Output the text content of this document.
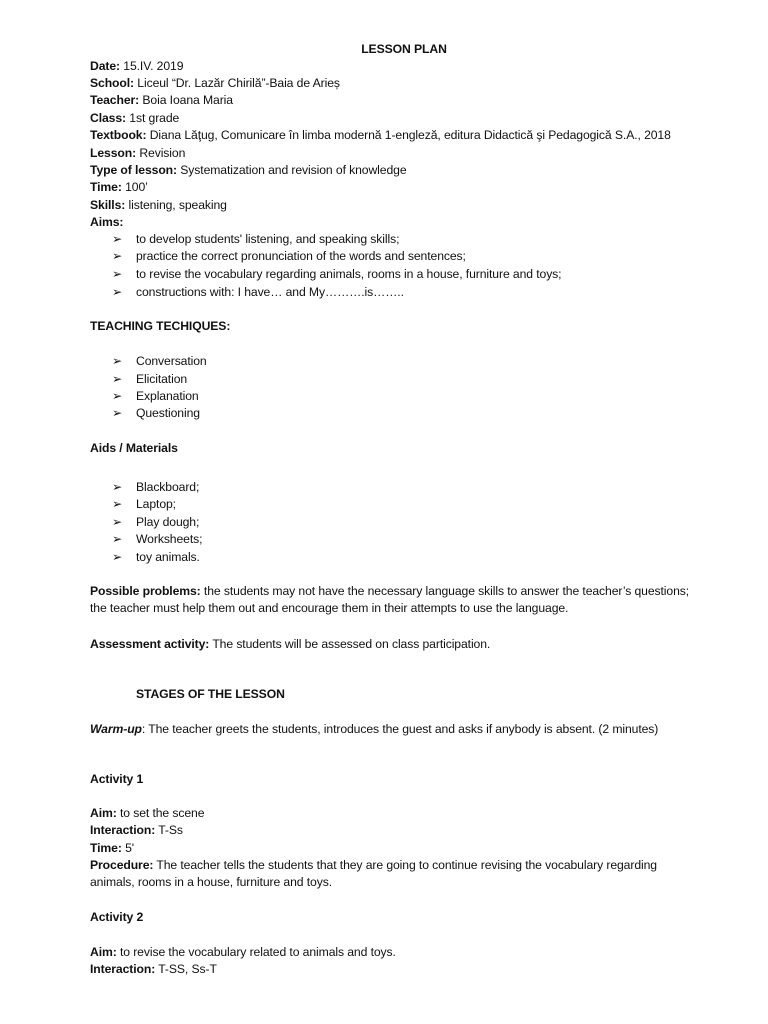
LESSON PLAN
Date: 15.IV. 2019
School: Liceul “Dr. Lazăr Chirilă”-Baia de Arieș
Teacher: Boia Ioana Maria
Class: 1st grade
Textbook: Diana Lăţug, Comunicare în limba modernă 1-engleză, editura Didactică şi Pedagogică S.A., 2018
Lesson: Revision
Type of lesson: Systematization and revision of knowledge
Time: 100’
Skills: listening, speaking
Aims:
➢ to develop students' listening, and speaking skills;
➢ practice the correct pronunciation of the words and sentences;
➢ to revise the vocabulary regarding animals, rooms in a house, furniture and toys;
➢ constructions with: I have… and My……….is……..
TEACHING TECHIQUES:
➢ Conversation
➢ Elicitation
➢ Explanation
➢ Questioning
Aids / Materials
➢ Blackboard;
➢ Laptop;
➢ Play dough;
➢ Worksheets;
➢ toy animals.
Possible problems: the students may not have the necessary language skills to answer the teacher’s questions;
the teacher must help them out and encourage them in their attempts to use the language.
Assessment activity: The students will be assessed on class participation.
STAGES OF THE LESSON
Warm-up: The teacher greets the students, introduces the guest and asks if anybody is absent. (2 minutes)
Activity 1
Aim: to set the scene
Interaction: T-Ss
Time: 5'
Procedure: The teacher tells the students that they are going to continue revising the vocabulary regarding
animals, rooms in a house, furniture and toys.
Activity 2
Aim: to revise the vocabulary related to animals and toys.
Interaction: T-SS, Ss-T
